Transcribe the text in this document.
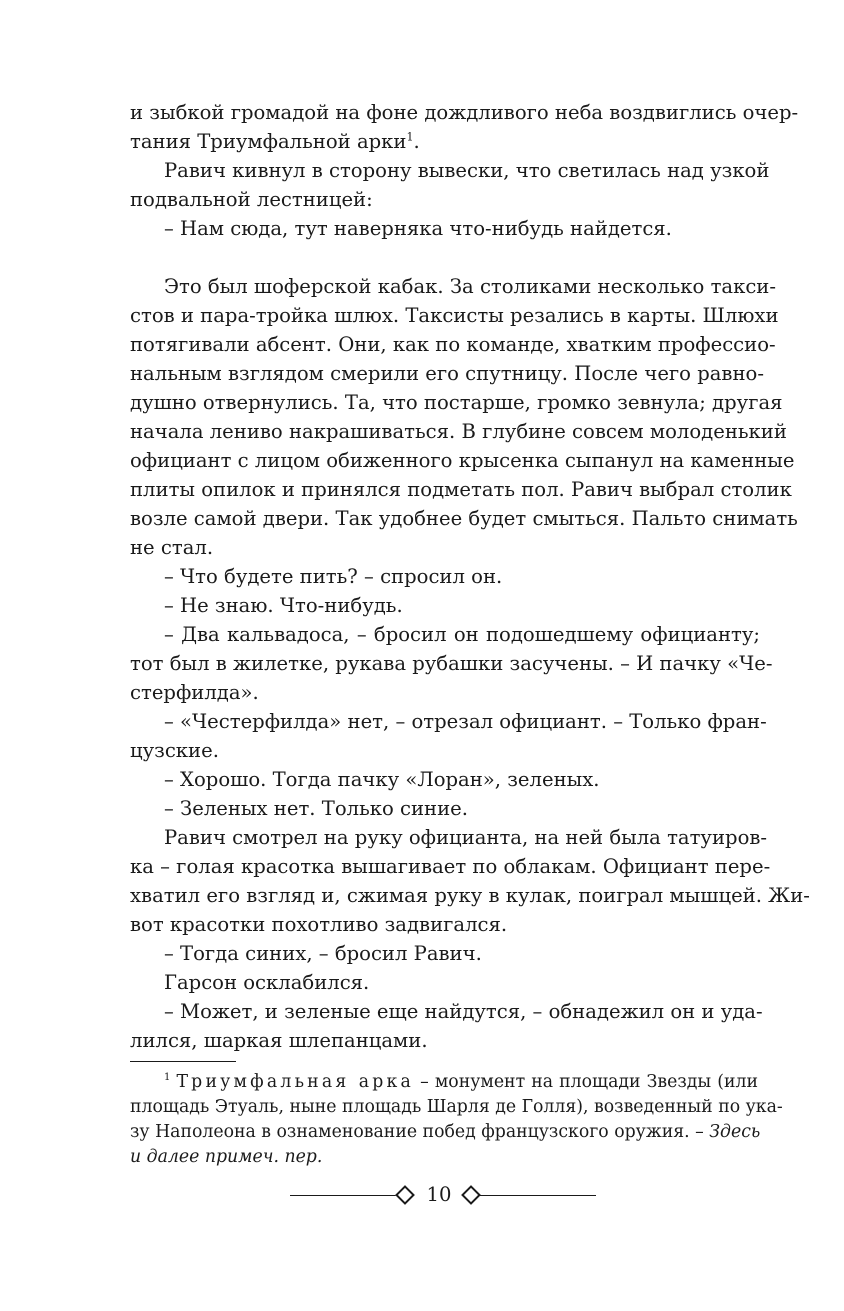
и зыбкой громадой на фоне дождливого неба воздвиглись очер-
тания Триумфальной арки$^1$.
Равич кивнул в сторону вывески, что светилась над узкой
подвальной лестницей:
– Нам сюда, тут наверняка что-нибудь найдется.
Это был шоферской кабак. За столиками несколько такси-
стов и пара-тройка шлюх. Таксисты резались в карты. Шлюхи
потягивали абсент. Они, как по команде, хватким профессио-
нальным взглядом смерили его спутницу. После чего равно-
душно отвернулись. Та, что постарше, громко зевнула; другая
начала лениво накрашиваться. В глубине совсем молоденький
официант с лицом обиженного крысенка сыпанул на каменные
плиты опилок и принялся подметать пол. Равич выбрал столик
возле самой двери. Так удобнее будет смыться. Пальто снимать
не стал.
– Что будете пить? – спросил он.
– Не знаю. Что-нибудь.
– Два кальвадоса, – бросил он подошедшему официанту;
тот был в жилетке, рукава рубашки засучены. – И пачку «Че-
стерфилда».
– «Честерфилда» нет, – отрезал официант. – Только фран-
цузские.
– Хорошо. Тогда пачку «Лоран», зеленых.
– Зеленых нет. Только синие.
Равич смотрел на руку официанта, на ней была татуиров-
ка – голая красотка вышагивает по облакам. Официант пере-
хватил его взгляд и, сжимая руку в кулак, поиграл мышцей. Жи-
вот красотки похотливо задвигался.
– Тогда синих, – бросил Равич.
Гарсон осклабился.
– Может, и зеленые еще найдутся, – обнадежил он и уда-
лился, шаркая шлепанцами.
$^1$ Триумфальная арка – монумент на площади Звезды (или
площадь Этуаль, ныне площадь Шарля де Голля), возведенный по ука-
зу Наполеона в ознаменование побед французского оружия. – Здесь
и далее примеч. пер.
10
